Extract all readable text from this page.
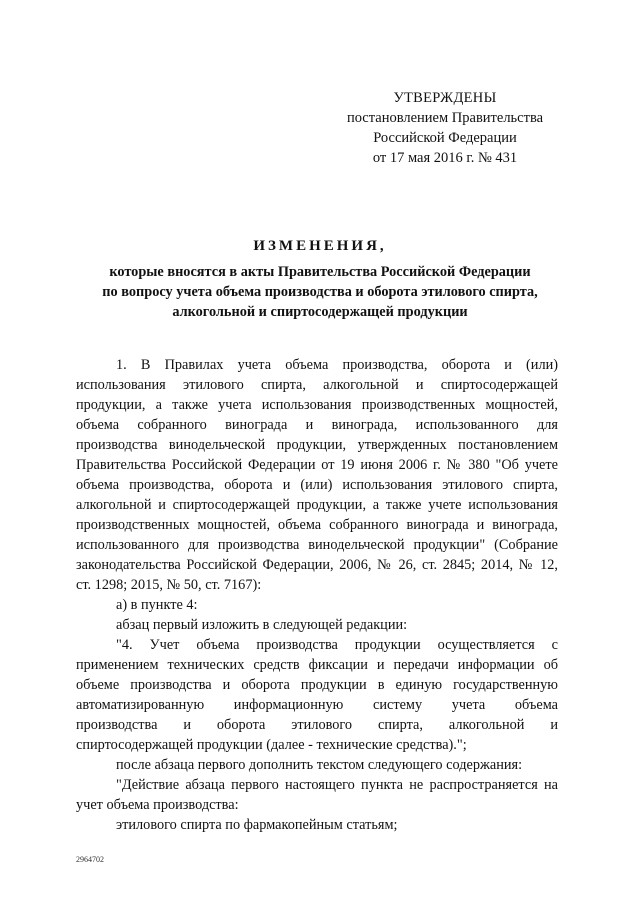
УТВЕРЖДЕНЫ
постановлением Правительства
Российской Федерации
от 17 мая 2016 г. № 431
ИЗМЕНЕНИЯ,
которые вносятся в акты Правительства Российской Федерации
по вопросу учета объема производства и оборота этилового спирта,
алкогольной и спиртосодержащей продукции

1. В Правилах учета объема производства, оборота и (или)

использования этилового спирта, алкогольной и спиртосодержащей

продукции, а также учета использования производственных мощностей,

объема собранного винограда и винограда, использованного для

производства винодельческой продукции, утвержденных постановлением

Правительства Российской Федерации от 19 июня 2006 г. № 380 "Об учете

объема производства, оборота и (или) использования этилового спирта,

алкогольной и спиртосодержащей продукции, а также учете использования

производственных мощностей, объема собранного винограда и винограда,

использованного для производства винодельческой продукции" (Собрание

законодательства Российской Федерации, 2006, № 26, ст. 2845; 2014, № 12,

ст. 1298; 2015, № 50, ст. 7167):

а) в пункте 4:

абзац первый изложить в следующей редакции:

"4. Учет объема производства продукции осуществляется с

применением технических средств фиксации и передачи информации об

объеме производства и оборота продукции в единую государственную

автоматизированную информационную систему учета объема

производства и оборота этилового спирта, алкогольной и

спиртосодержащей продукции (далее - технические средства).";

после абзаца первого дополнить текстом следующего содержания:

"Действие абзаца первого настоящего пункта не распространяется на

учет объема производства:

этилового спирта по фармакопейным статьям;

2964702
